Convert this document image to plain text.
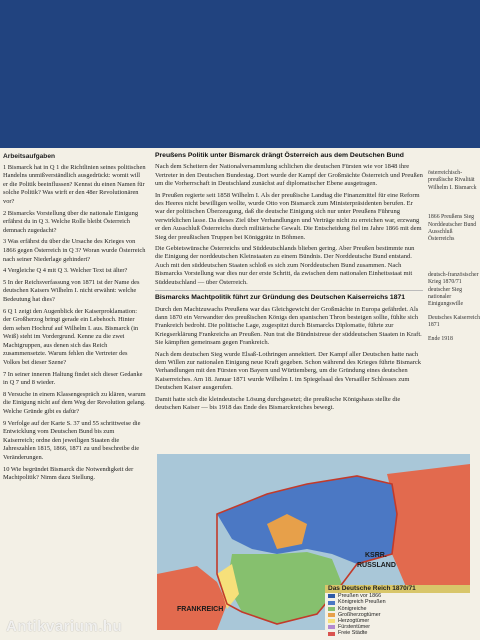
Arbeitsaufgaben

1 Bismarck hat in Q 1 die Richtlinien seines politischen Handelns unmißverständlich ausgedrückt: womit will er die Politik beeinflussen? Kennst du einen Namen für solche Politik? Was wirft er den 48er Revolutionären vor?

2 Bismarcks Vorstellung über die nationale Einigung erfährst du in Q 3. Welche Rolle bleibt Österreich demnach zugedacht?

3 Was erfährst du über die Ursache des Krieges von 1866 gegen Österreich in Q 3? Woran wurde Österreich nach seiner Niederlage gehindert?

4 Vergleiche Q 4 mit Q 3. Welcher Text ist älter?

5 In der Reichsverfassung von 1871 ist der Name des deutschen Kaisers Wilhelm I. nicht erwähnt: welche Bedeutung hat dies?

6 Q 1 zeigt den Augenblick der Kaiserproklamation: der Großherzog bringt gerade ein Lebehoch. Hinter dem sehen Hochruf auf Wilhelm I. aus. Bismarck (in Weiß) steht im Vordergrund. Kenne zu die zwei Machtgruppen, aus denen sich das Reich zusammensetzte. Warum fehlen die Vertreter des Volkes bei dieser Szene?

7 In seiner inneren Haltung findet sich dieser Gedanke in Q 7 und 8 wieder.

8 Versuche in einem Klassengespräch zu klären, warum die Einigung nicht auf dem Weg der Revolution gelang. Welche Gründe gibt es dafür?

9 Verfolge auf der Karte S. 37 und 55 schrittweise die Entwicklung vom Deutschen Bund bis zum Kaiserreich; ordne den jeweiligen Staaten die Jahreszahlen 1815, 1866, 1871 zu und beschreibe die Veränderungen.

10 Wie begründet Bismarck die Notwendigkeit der Machtpolitik? Nimm dazu Stellung.

Preußens Politik unter Bismarck drängt Österreich aus dem Deutschen Bund

Nach dem Scheitern der Nationalversammlung schlichen die deutschen Fürsten wie vor 1848 ihre Vertreter in den Deutschen Bundestag. Dort wurde der Kampf der Großmächte Österreich und Preußen um die Vorherrschaft in Deutschland zunächst auf diplomatischer Ebene ausgetragen.

In Preußen regierte seit 1858 Wilhelm I. Als der preußische Landtag die Finanzmittel für eine Reform des Heeres nicht bewilligen wollte, wurde Otto von Bismarck zum Ministerpräsidenten berufen. Er war der politischen Überzeugung, daß die deutsche Einigung sich nur unter Preußens Führung verwirklichen lasse. Da dieses Ziel über Verhandlungen und Verträge nicht zu erreichen war, erzwang er den Ausschluß Österreichs durch militärische Gewalt. Die Entscheidung fiel im Jahre 1866 mit dem Sieg der preußischen Truppen bei Königgrätz in Böhmen.

Die Gebietswünsche Österreichs und Süddeutschlands blieben gering. Aber Preußen bestimmte nun die Einigung der norddeutschen Kleinstaaten zu einem Bündnis. Der Norddeutsche Bund entstand. Auch mit den süddeutschen Staaten schloß es sich zum Norddeutschen Bund zusammen. Nach Bismarcks Vorstellung war dies nur der erste Schritt, da zwischen dem nationalen Einheitsstaat mit Süddeutschland — über Österreich.

Bismarcks Machtpolitik führt zur Gründung des Deutschen Kaiserreichs 1871

Durch den Machtzuwachs Preußens war das Gleichgewicht der Großmächte in Europa gefährdet. Als dann 1870 ein Verwandter des preußischen Königs den spanischen Thron besteigen sollte, fühlte sich Frankreich bedroht. Die politische Lage, zugespitzt durch Bismarcks Diplomatie, führte zur Kriegserklärung Frankreichs an Preußen. Nun trat die Bündnistreue der süddeutschen Staaten in Kraft. Sie kämpften gemeinsam gegen Frankreich.

Nach dem deutschen Sieg wurde Elsaß-Lothringen annektiert. Der Kampf aller Deutschen hatte nach dem Willen zur nationalen Einigung neue Kraft gegeben. Schon während des Krieges führte Bismarck Verhandlungen mit den Fürsten von Bayern und Württemberg, um die Gründung eines deutschen Kaiserreiches. Am 18. Januar 1871 wurde Wilhelm I. im Spiegelsaal des Versailler Schlosses zum Deutschen Kaiser ausgerufen.

Damit hatte sich die kleindeutsche Lösung durchgesetzt; die preußische Königshaus stellte die deutschen Kaiser — bis 1918 das Ende des Bismarckreiches bewegt.

österreichisch-preußische Rivalität Wilhelm I. Bismarck
1866 Preußens Sieg Norddeutscher Bund Ausschluß Österreichs
deutsch-französischer Krieg 1870/71 deutscher Sieg nationaler Einigungswille
Deutsches Kaiserreich 1871
Ende 1918
KSRR.
RUSSLAND
FRANKREICH
Das Deutsche Reich 1870/71
Preußen vor 1866
Königreich Preußen
Königreiche
Großherzogtümer
Herzogtümer
Fürstentümer
Freie Städte
Antikvarium.hu
